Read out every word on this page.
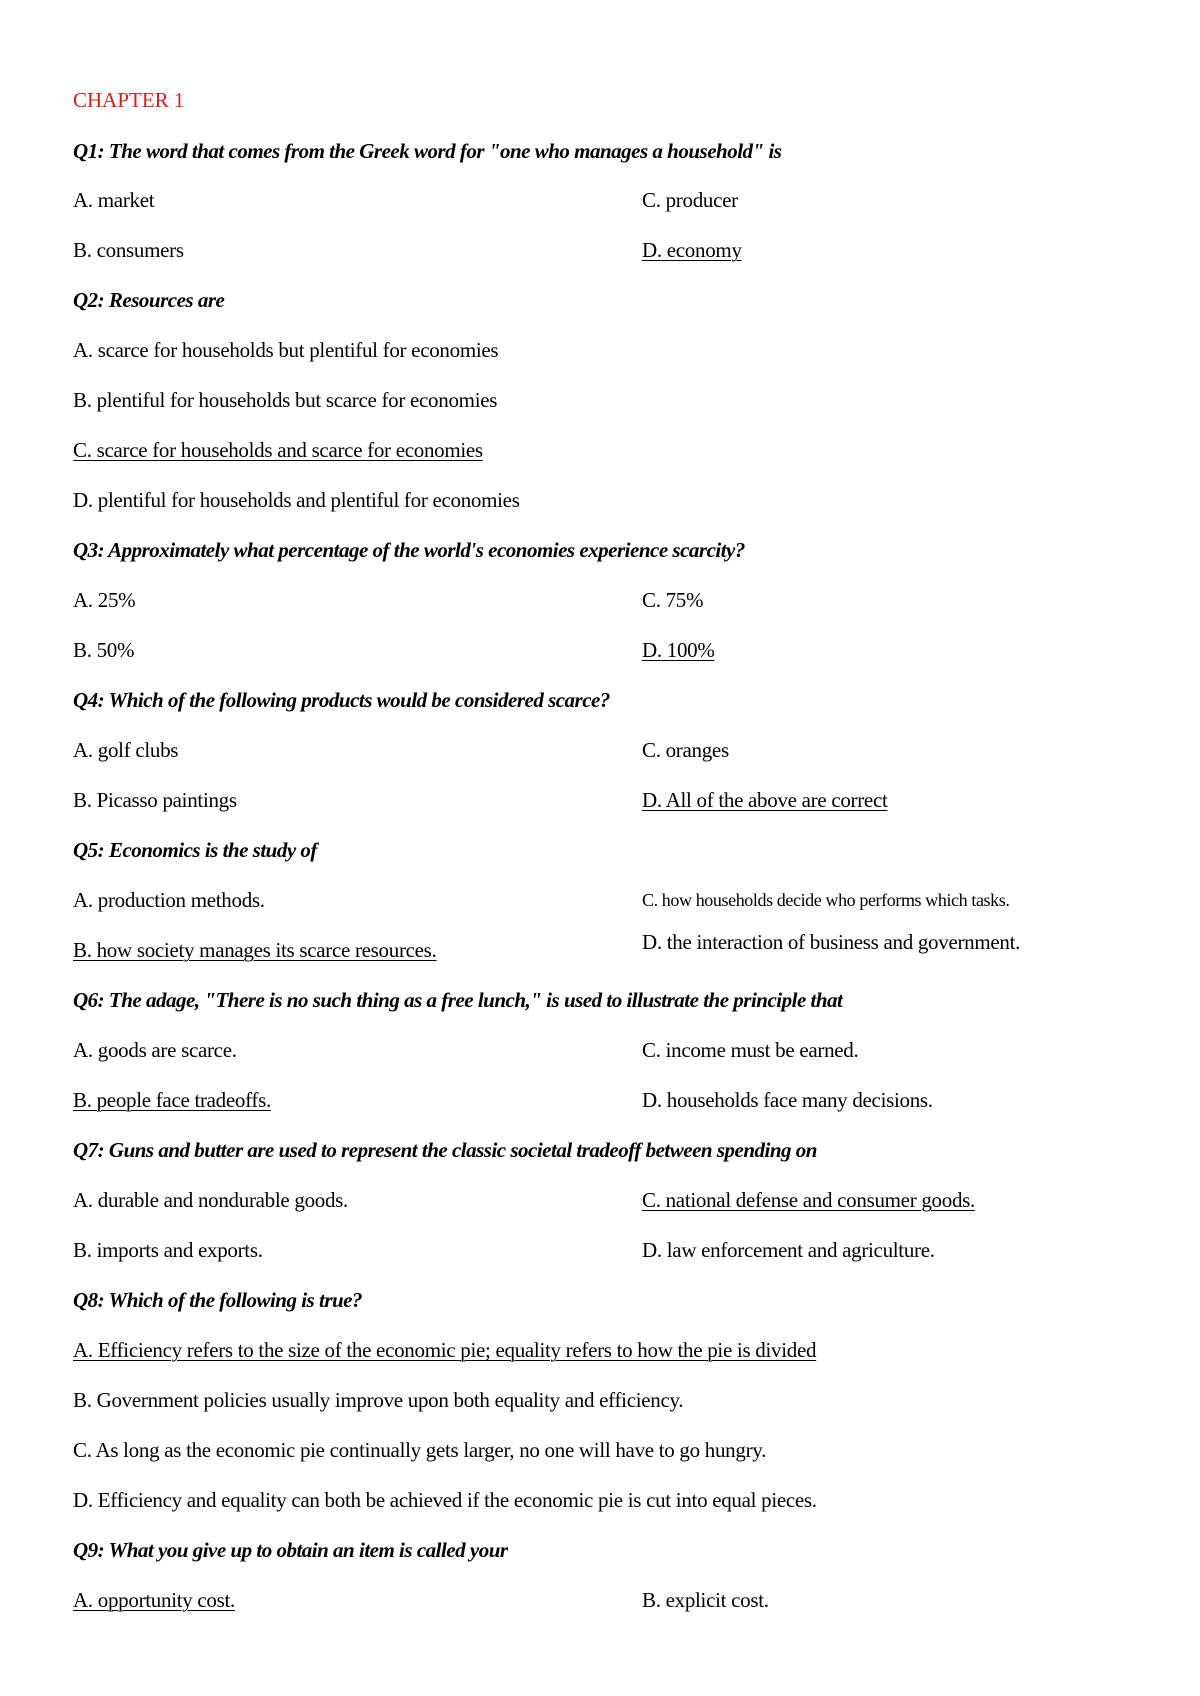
CHAPTER 1
Q1: The word that comes from the Greek word for "one who manages a household" is
A. market	C. producer
B. consumers	D. economy
Q2: Resources are
A. scarce for households but plentiful for economies
B. plentiful for households but scarce for economies
C. scarce for households and scarce for economies
D. plentiful for households and plentiful for economies
Q3: Approximately what percentage of the world's economies experience scarcity?
A. 25%	C. 75%
B. 50%	D. 100%
Q4: Which of the following products would be considered scarce?
A. golf clubs	C. oranges
B. Picasso paintings	D. All of the above are correct
Q5: Economics is the study of
A. production methods.	C. how households decide who performs which tasks.
B. how society manages its scarce resources.	D. the interaction of business and government.
Q6: The adage, "There is no such thing as a free lunch," is used to illustrate the principle that
A. goods are scarce.	C. income must be earned.
B. people face tradeoffs.	D. households face many decisions.
Q7: Guns and butter are used to represent the classic societal tradeoff between spending on
A. durable and nondurable goods.	C. national defense and consumer goods.
B. imports and exports.	D. law enforcement and agriculture.
Q8: Which of the following is true?
A. Efficiency refers to the size of the economic pie; equality refers to how the pie is divided
B. Government policies usually improve upon both equality and efficiency.
C. As long as the economic pie continually gets larger, no one will have to go hungry.
D. Efficiency and equality can both be achieved if the economic pie is cut into equal pieces.
Q9: What you give up to obtain an item is called your
A. opportunity cost.	B. explicit cost.
